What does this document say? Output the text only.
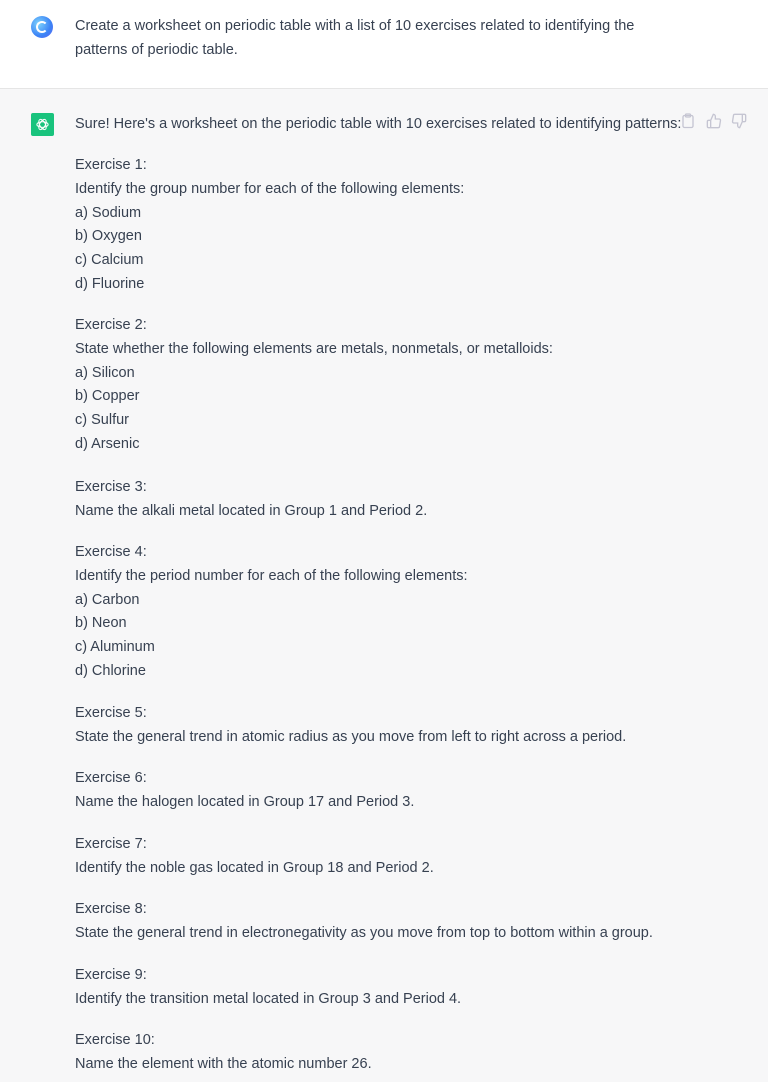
Create a worksheet on periodic table with a list of 10 exercises related to identifying the
patterns of periodic table.
Sure! Here's a worksheet on the periodic table with 10 exercises related to identifying patterns:
Exercise 1:
Identify the group number for each of the following elements:
a) Sodium
b) Oxygen
c) Calcium
d) Fluorine
Exercise 2:
State whether the following elements are metals, nonmetals, or metalloids:
a) Silicon
b) Copper
c) Sulfur
d) Arsenic
Exercise 3:
Name the alkali metal located in Group 1 and Period 2.
Exercise 4:
Identify the period number for each of the following elements:
a) Carbon
b) Neon
c) Aluminum
d) Chlorine
Exercise 5:
State the general trend in atomic radius as you move from left to right across a period.
Exercise 6:
Name the halogen located in Group 17 and Period 3.
Exercise 7:
Identify the noble gas located in Group 18 and Period 2.
Exercise 8:
State the general trend in electronegativity as you move from top to bottom within a group.
Exercise 9:
Identify the transition metal located in Group 3 and Period 4.
Exercise 10:
Name the element with the atomic number 26.
